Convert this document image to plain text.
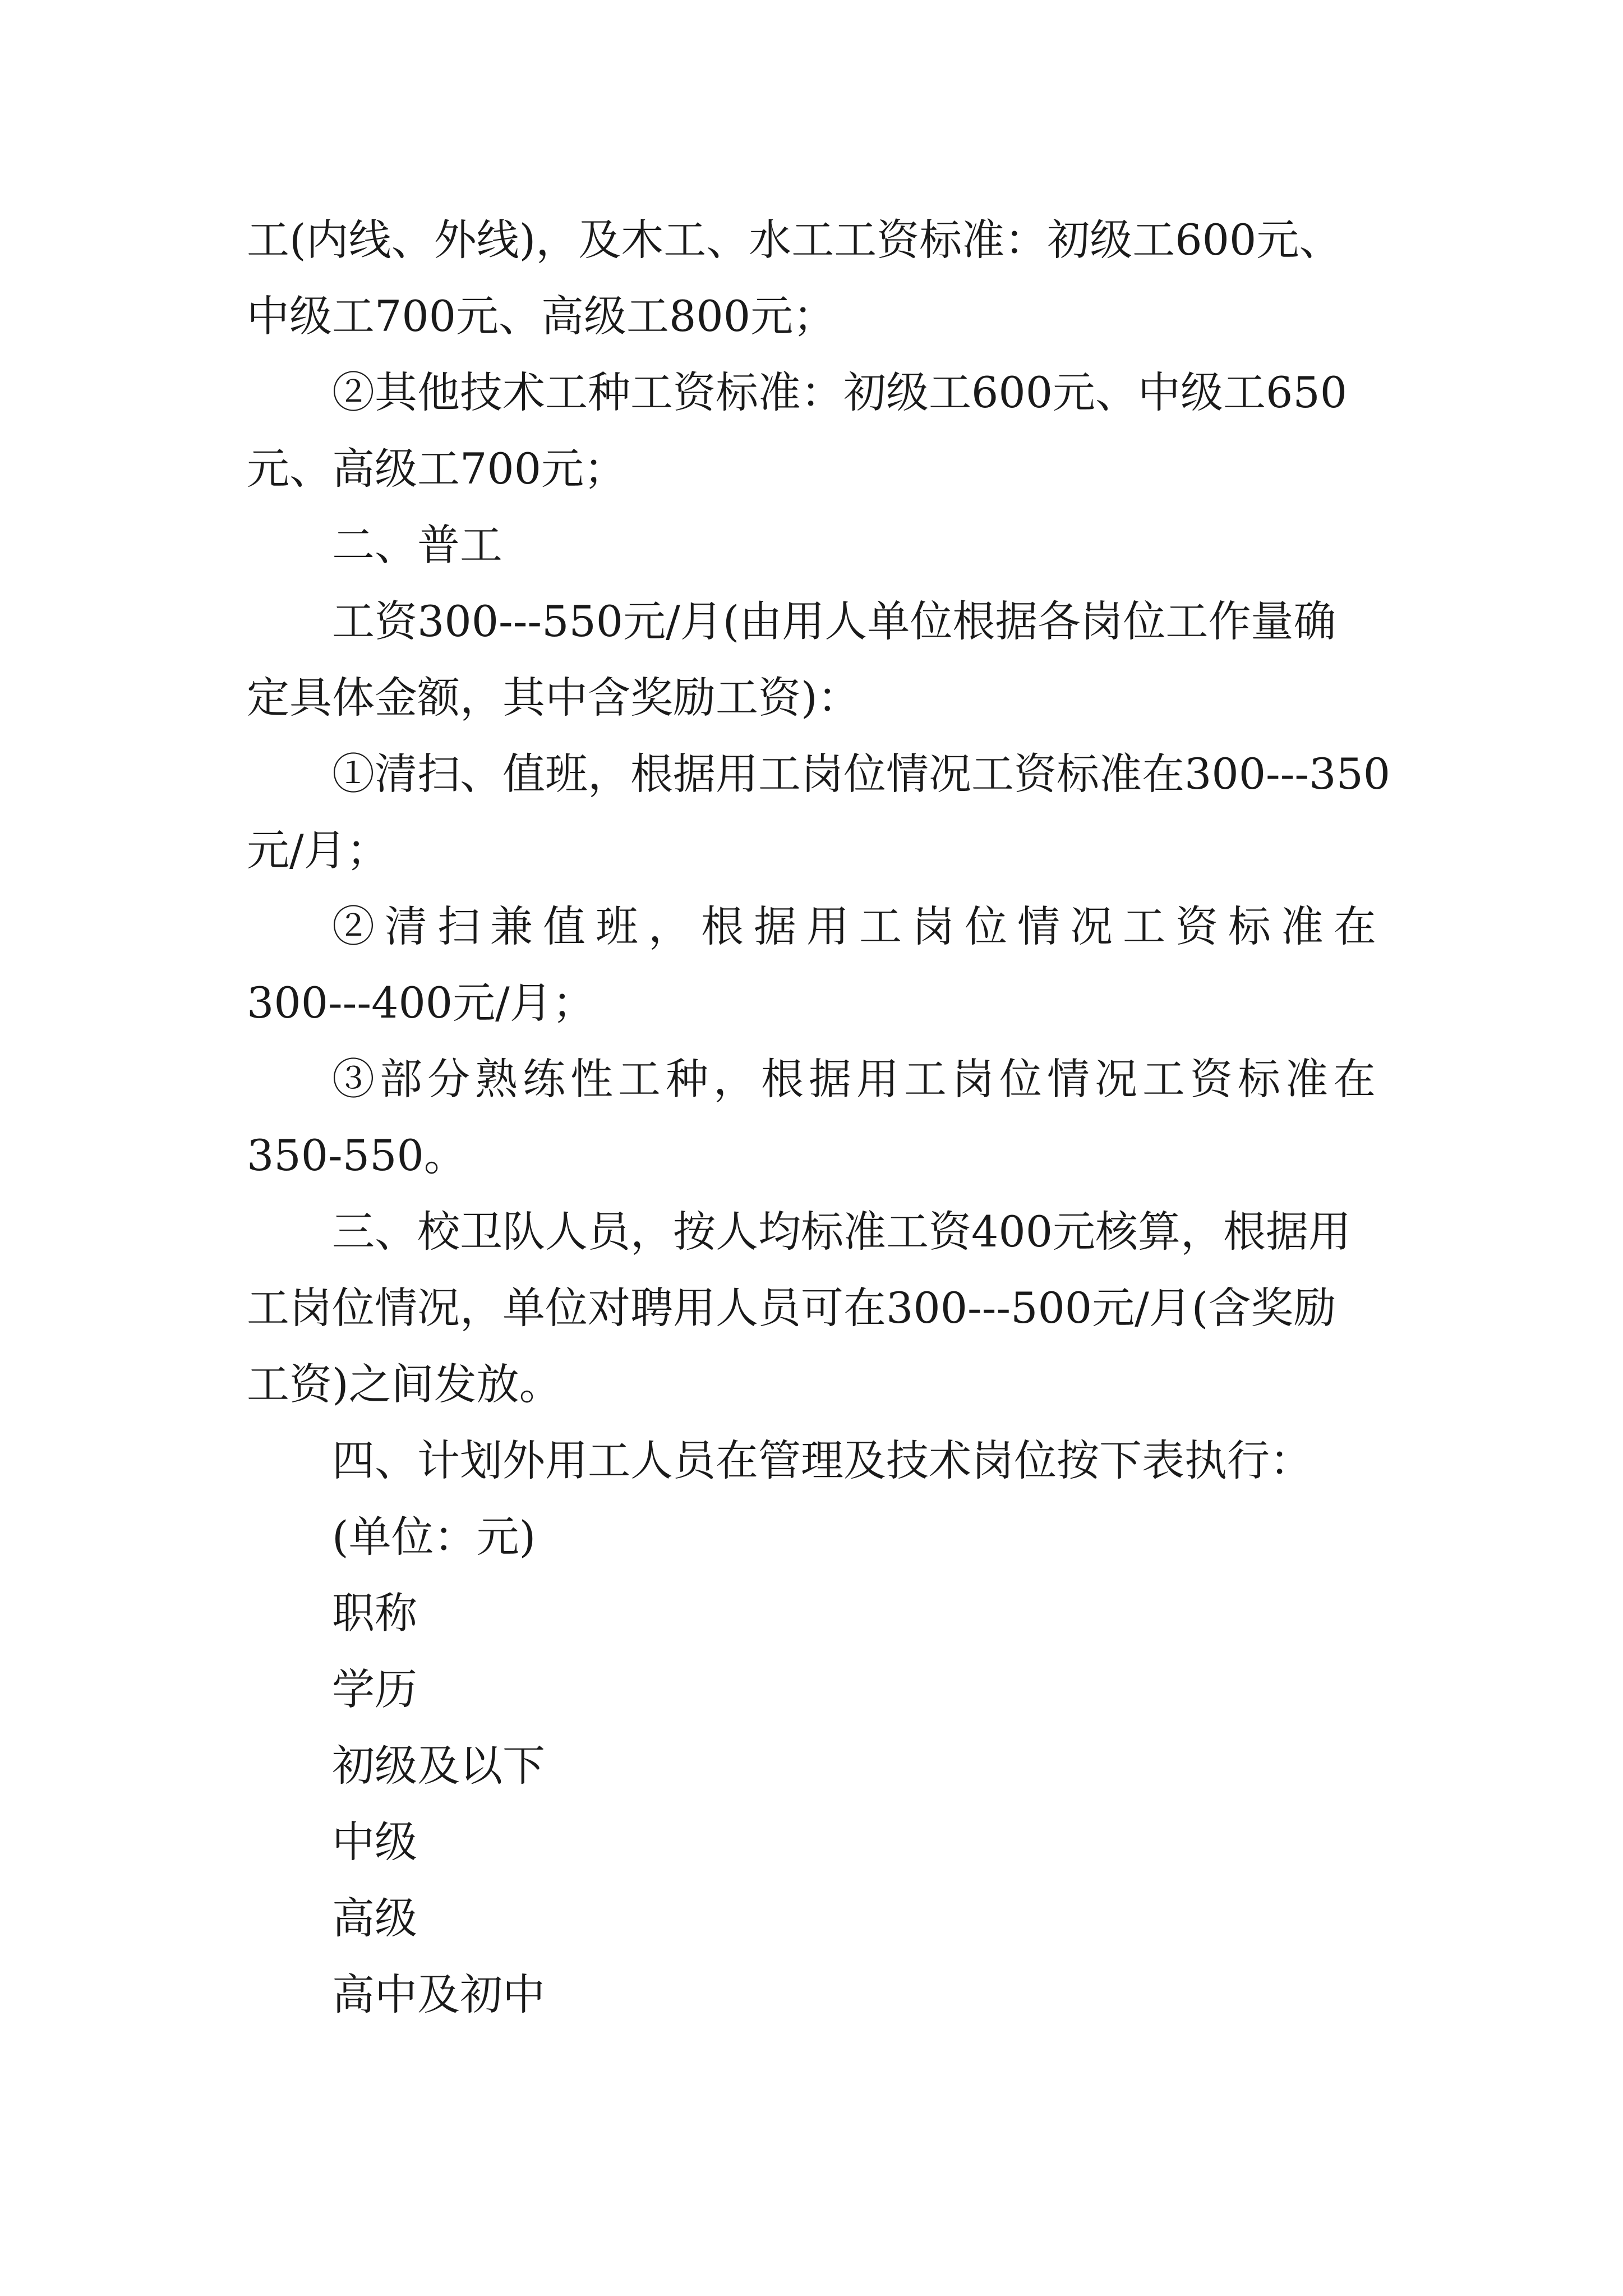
工(内线、外线)，及木工、水工工资标准：初级工600元、
中级工700元、高级工800元；
②其他技术工种工资标准：初级工600元、中级工650
元、高级工700元；
二、普工
工资300---550元/月(由用人单位根据各岗位工作量确
定具体金额，其中含奖励工资)：
①清扫、值班，根据用工岗位情况工资标准在300---350
元/月；
②清扫兼值班，根据用工岗位情况工资标准在
300---400元/月；
③部分熟练性工种，根据用工岗位情况工资标准在
350-550。
三、校卫队人员，按人均标准工资400元核算，根据用
工岗位情况，单位对聘用人员可在300---500元/月(含奖励
工资)之间发放。
四、计划外用工人员在管理及技术岗位按下表执行：
(单位：元)
职称
学历
初级及以下
中级
高级
高中及初中
